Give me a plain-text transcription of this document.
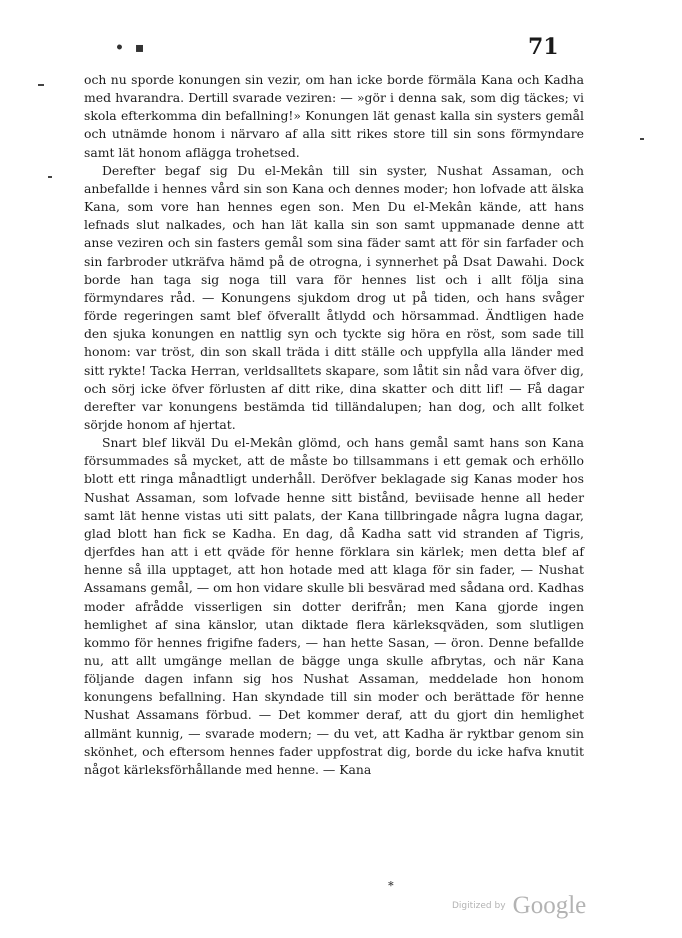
• ▪	71

och nu sporde konungen sin vezir, om han icke borde förmäla Kana och Kadha med hvarandra. Dertill svarade veziren: — »gör i denna sak, som dig täckes; vi skola efterkomma din befallning!» Konungen lät genast kalla sin systers gemål och utnämde honom i närvaro af alla sitt rikes store till sin sons förmyndare samt lät honom aflägga trohetsed.

Derefter begaf sig Du el-Mekân till sin syster, Nushat Assaman, och anbefallde i hennes vård sin son Kana och dennes moder; hon lofvade att älska Kana, som vore han hennes egen son. Men Du el-Mekân kände, att hans lefnads slut nalkades, och han lät kalla sin son samt uppmanade denne att anse veziren och sin fasters gemål som sina fäder samt att för sin farfader och sin farbroder utkräfva hämd på de otrogna, i synnerhet på Dsat Dawahi. Dock borde han taga sig noga till vara för hennes list och i allt följa sina förmyndares råd. — Konungens sjukdom drog ut på tiden, och hans svåger förde regeringen samt blef öfverallt åtlydd och hörsammad. Ändtligen hade den sjuka konungen en nattlig syn och tyckte sig höra en röst, som sade till honom: var tröst, din son skall träda i ditt ställe och uppfylla alla länder med sitt rykte! Tacka Herran, verldsalltets skapare, som låtit sin nåd vara öfver dig, och sörj icke öfver förlusten af ditt rike, dina skatter och ditt lif! — Få dagar derefter var konungens bestämda tid tilländalupen; han dog, och allt folket sörjde honom af hjertat.

Snart blef likväl Du el-Mekân glömd, och hans gemål samt hans son Kana försummades så mycket, att de måste bo tillsammans i ett gemak och erhöllo blott ett ringa månadtligt underhåll. Deröfver beklagade sig Kanas moder hos Nushat Assaman, som lofvade henne sitt bistånd, beviisade henne all heder samt lät henne vistas uti sitt palats, der Kana tillbringade några lugna dagar, glad blott han fick se Kadha. En dag, då Kadha satt vid stranden af Tigris, djerfdes han att i ett qväde för henne förklara sin kärlek; men detta blef af henne så illa upptaget, att hon hotade med att klaga för sin fader, — Nushat Assamans gemål, — om hon vidare skulle bli besvärad med sådana ord. Kadhas moder afrådde visserligen sin dotter derifrån; men Kana gjorde ingen hemlighet af sina känslor, utan diktade flera kärleksqväden, som slutligen kommo för hennes frigifne faders, — han hette Sasan, — öron. Denne befallde nu, att allt umgänge mellan de bägge unga skulle afbrytas, och när Kana följande dagen infann sig hos Nushat Assaman, meddelade hon honom konungens befallning. Han skyndade till sin moder och berättade för henne Nushat Assamans förbud. — Det kommer deraf, att du gjort din hemlighet allmänt kunnig, — svarade modern; — du vet, att Kadha är ryktbar genom sin skönhet, och eftersom hennes fader uppfostrat dig, borde du icke hafva knutit något kärleksförhållande med henne. — Kana

*
Digitized by Google
